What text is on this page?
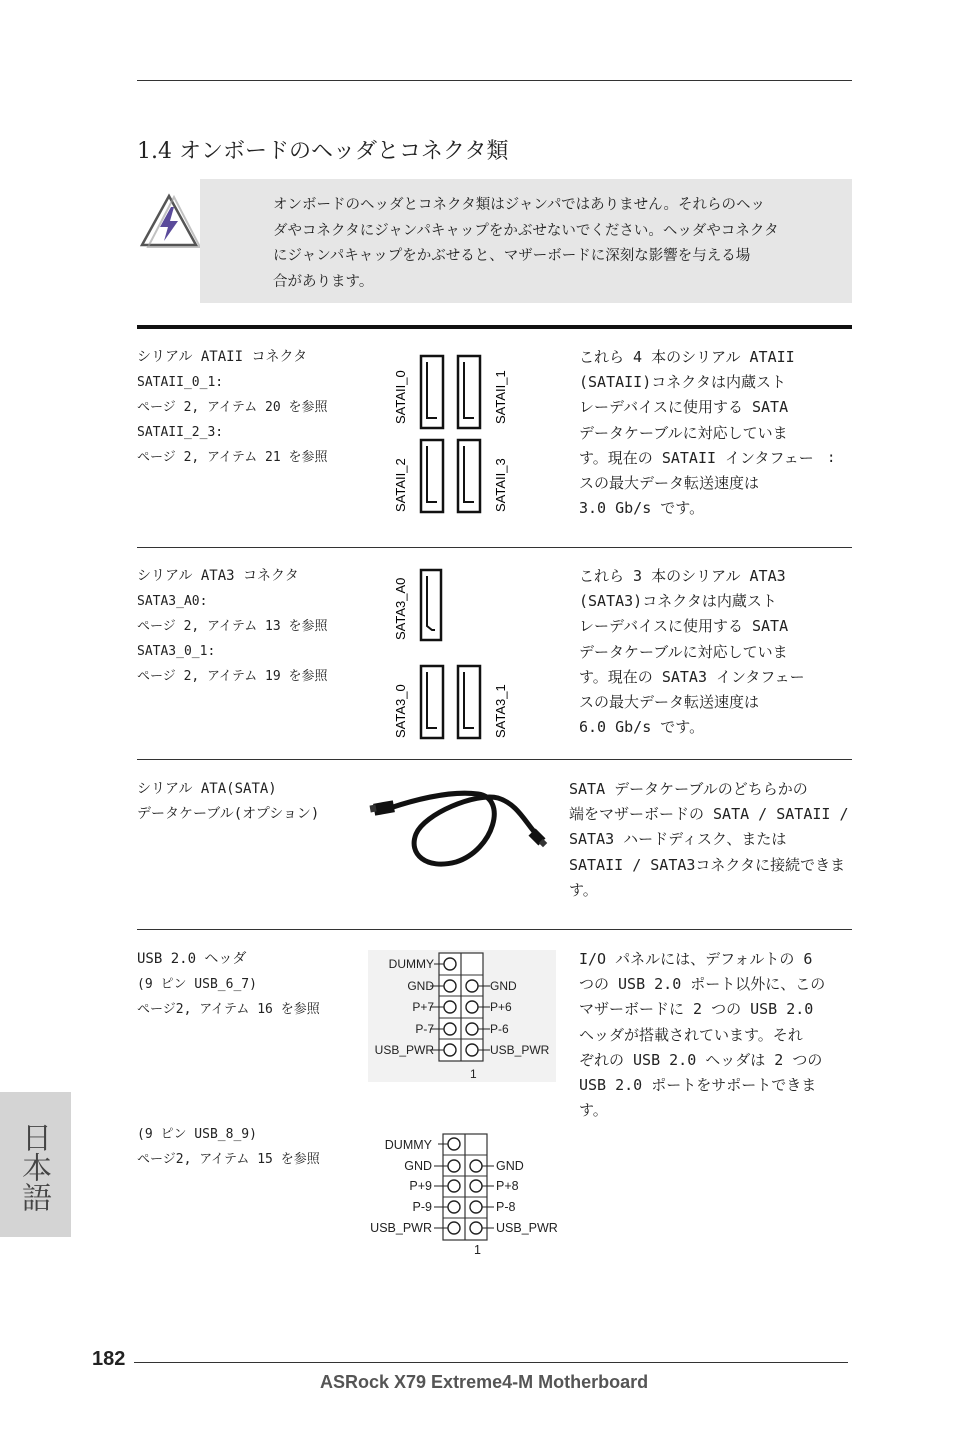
1.4 オンボードのヘッダとコネクタ類
オンボードのヘッダとコネクタ類はジャンパではありません。それらのヘッ
ダやコネクタにジャンパキャップをかぶせないでください。ヘッダやコネクタ
にジャンパキャップをかぶせると、マザーボードに深刻な影響を与える場
合があります。
シリアル ATAII コネクタ
SATAII_0_1:
ページ 2, アイテム 20 を参照
SATAII_2_3:
ページ 2, アイテム 21 を参照
SATAII_0	SATAII_1
SATAII_2	SATAII_3
これら 4 本のシリアル ATAII
(SATAII)コネクタは内蔵スト
レーデバイスに使用する SATA
データケーブルに対応していま
す。現在の SATAII インタフェー
スの最大データ転送速度は
3.0 Gb/s です。
:
シリアル ATA3 コネクタ
SATA3_A0:
ページ 2, アイテム 13 を参照
SATA3_0_1:
ページ 2, アイテム 19 を参照
SATA3_A0
SATA3_0	SATA3_1
これら 3 本のシリアル ATA3
(SATA3)コネクタは内蔵スト
レーデバイスに使用する SATA
データケーブルに対応していま
す。現在の SATA3 インタフェー
スの最大データ転送速度は
6.0 Gb/s です。
シリアル ATA(SATA)
データケーブル(オプション)
SATA データケーブルのどちらかの
端をマザーボードの SATA / SATAII /
SATA3 ハードディスク、または
SATAII / SATA3コネクタに接続できま
す。
USB 2.0 ヘッダ
(9 ピン USB_6_7)
ページ2, アイテム 16 を参照
DUMMY
GND
P+7
P-7
USB_PWR
GND
P+6
P-6
USB_PWR
1
I/O パネルには、デフォルトの 6
つの USB 2.0 ポート以外に、この
マザーボードに 2 つの USB 2.0
ヘッダが搭載されています。それ
ぞれの USB 2.0 ヘッダは 2 つの
USB 2.0 ポートをサポートできま
す。
(9 ピン USB_8_9)
ページ2, アイテム 15 を参照
DUMMY
GND
P+9
P-9
USB_PWR
GND
P+8
P-8
USB_PWR
1
日本語
182
ASRock X79 Extreme4-M Motherboard
